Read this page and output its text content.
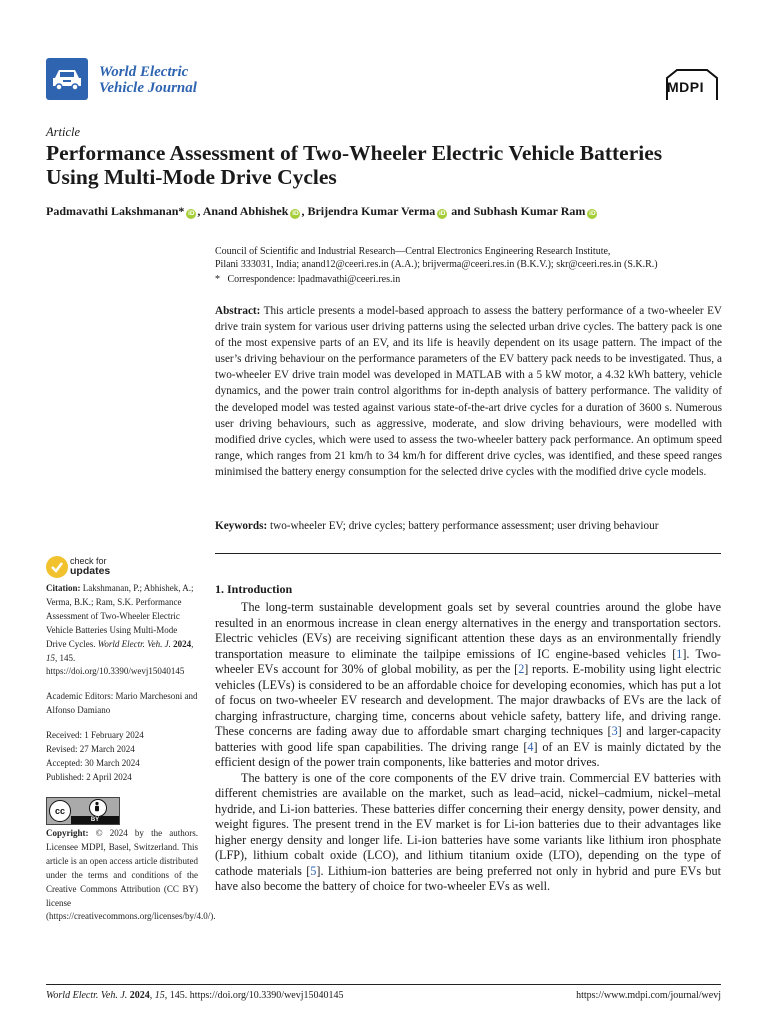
World Electric
Vehicle Journal	MDPI
Article
Performance Assessment of Two-Wheeler Electric Vehicle Batteries Using Multi-Mode Drive Cycles
Padmavathi Lakshmanan* iD , Anand Abhishek iD , Brijendra Kumar Verma iD and Subhash Kumar Ram iD
Council of Scientific and Industrial Research—Central Electronics Engineering Research Institute,
Pilani 333031, India; anand12@ceeri.res.in (A.A.); brijverma@ceeri.res.in (B.K.V.); skr@ceeri.res.in (S.K.R.)
* Correspondence: lpadmavathi@ceeri.res.in
Abstract: This article presents a model-based approach to assess the battery performance of a two-wheeler EV drive train system for various user driving patterns using the selected urban drive cycles. The battery pack is one of the most expensive parts of an EV, and its life is heavily dependent on its usage pattern. The impact of the user’s driving behaviour on the performance parameters of the EV battery pack needs to be investigated. Thus, a two-wheeler EV drive train model was developed in MATLAB with a 5 kW motor, a 4.32 kWh battery, vehicle dynamics, and the power train control algorithms for in-depth analysis of battery performance. The validity of the developed model was tested against various state-of-the-art drive cycles for a duration of 3600 s. Numerous user driving behaviours, such as aggressive, moderate, and slow driving behaviours, were modelled with modified drive cycles, which were used to assess the two-wheeler battery pack performance. An optimum speed range, which ranges from 21 km/h to 34 km/h for different drive cycles, was identified, and these speed ranges minimised the battery energy consumption for the selected drive cycles with the modified drive cycle models.
Keywords: two-wheeler EV; drive cycles; battery performance assessment; user driving behaviour
check for
updates
Citation: Lakshmanan, P.; Abhishek, A.; Verma, B.K.; Ram, S.K. Performance Assessment of Two-Wheeler Electric Vehicle Batteries Using Multi-Mode Drive Cycles. World Electr. Veh. J. 2024, 15, 145. https://doi.org/10.3390/wevj15040145
Academic Editors: Mario Marchesoni and Alfonso Damiano
Received: 1 February 2024
Revised: 27 March 2024
Accepted: 30 March 2024
Published: 2 April 2024
cc
BY
Copyright: © 2024 by the authors. Licensee MDPI, Basel, Switzerland. This article is an open access article distributed under the terms and conditions of the Creative Commons Attribution (CC BY) license (https://creativecommons.org/licenses/by/4.0/).
1. Introduction

The long-term sustainable development goals set by several countries around the globe have resulted in an enormous increase in clean energy alternatives in the energy and transportation sectors. Electric vehicles (EVs) are receiving significant attention these days as an environmentally friendly transportation measure to eliminate the tailpipe emissions of IC engine-based vehicles [1]. Two-wheeler EVs account for 30% of global mobility, as per the [2] reports. E-mobility using light electric vehicles (LEVs) is considered to be an affordable choice for developing economies, which has put a lot of focus on two-wheeler EV research and development. The major drawbacks of EVs are the lack of charging infrastructure, charging time, concerns about vehicle safety, battery life, and driving range. These concerns are fading away due to affordable smart charging techniques [3] and larger-capacity batteries with good life span capabilities. The driving range [4] of an EV is mainly dictated by the efficient design of the power train components, like batteries and motor drives.

The battery is one of the core components of the EV drive train. Commercial EV batteries with different chemistries are available on the market, such as lead–acid, nickel–cadmium, nickel–metal hydride, and Li-ion batteries. These batteries differ concerning their energy density, power density, and weight figures. The present trend in the EV market is for Li-ion batteries due to their advantages like higher energy density and longer life. Li-ion batteries have some variants like lithium iron phosphate (LFP), lithium cobalt oxide (LCO), and lithium titanium oxide (LTO), depending on the type of cathode materials [5]. Lithium-ion batteries are being preferred not only in hybrid and pure EVs but have also become the battery of choice for two-wheeler EVs as well.

World Electr. Veh. J. 2024, 15, 145. https://doi.org/10.3390/wevj15040145	https://www.mdpi.com/journal/wevj
